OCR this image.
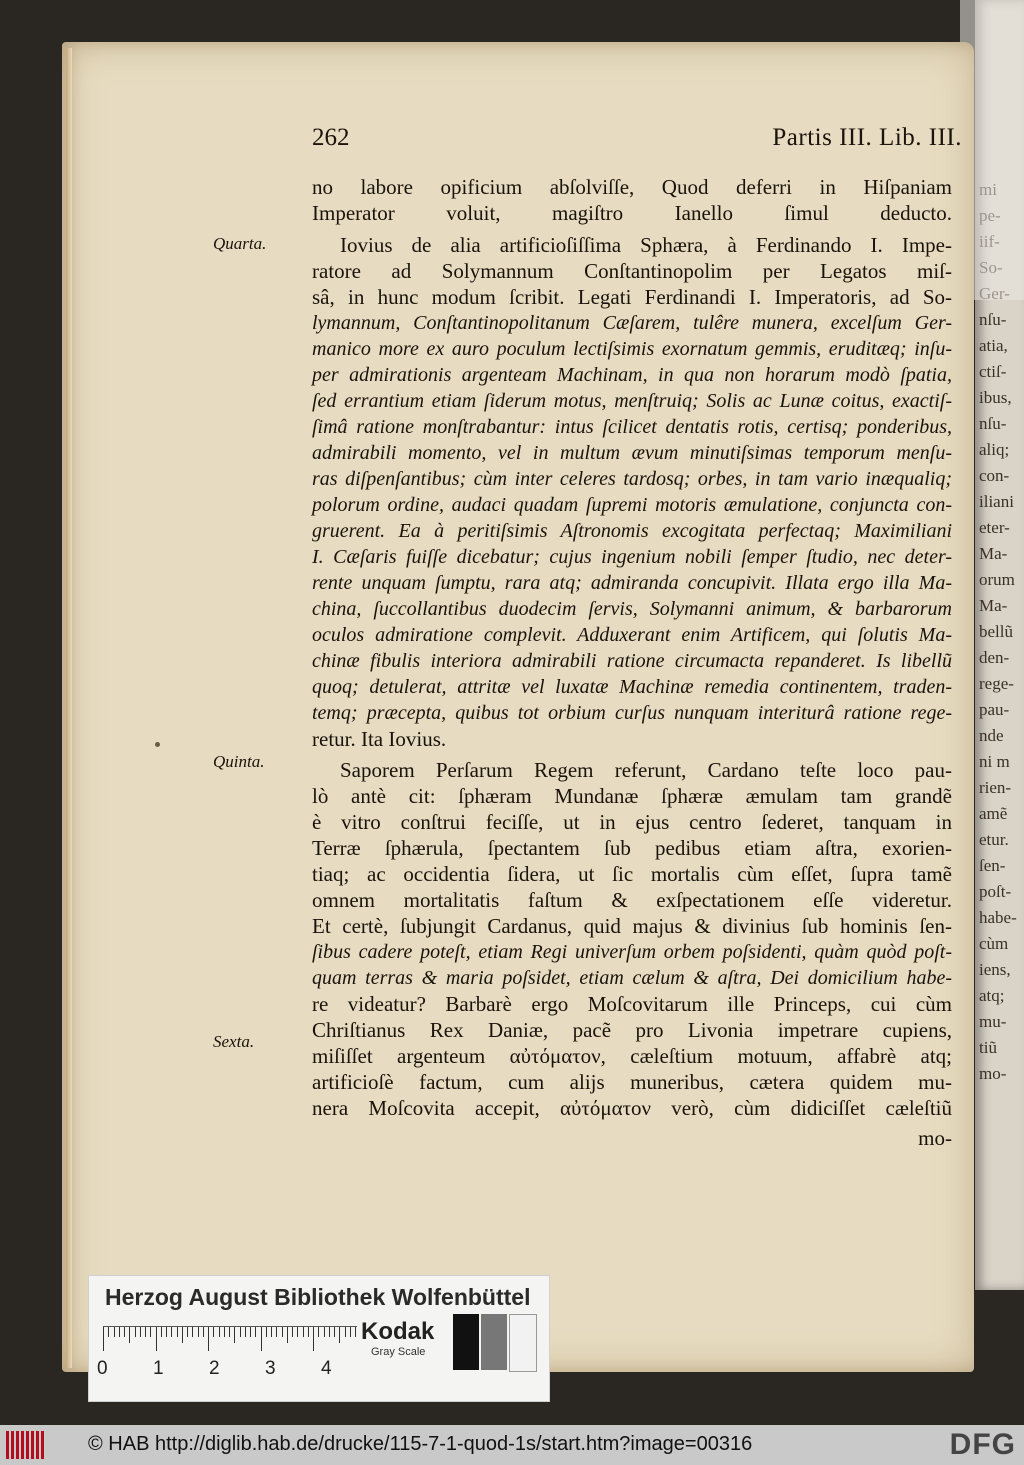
nſu-
atia,
ctiſ-
ibus,
nſu-
aliq;
con-
iliani
eter-
Ma-
orum
Ma-
bellũ
den-
rege-
pau-
nde
ni m
rien-
amẽ
etur.
ſen-
poſt-
habe-
cùm
iens,
atq;
mu-
tiũ
mo-
262	Partis III. Lib. III.
no labore opificium abſolviſſe, Quod deferri in Hiſpaniam
Imperator voluit, magiſtro Ianello ſimul deducto.
Iovius de alia artificioſiſſima Sphæra, à Ferdinando I. Impe-
ratore ad Solymannum Conſtantinopolim per Legatos miſ-
sâ, in hunc modum ſcribit. Legati Ferdinandi I. Imperatoris, ad So-
lymannum, Conſtantinopolitanum Cæſarem, tulêre munera, excelſum Ger-
manico more ex auro poculum lectiſsimis exornatum gemmis, eruditæq; inſu-
per admirationis argenteam Machinam, in qua non horarum modò ſpatia,
ſed errantium etiam ſiderum motus, menſtruiq; Solis ac Lunæ coitus, exactiſ-
ſimâ ratione monſtrabantur: intus ſcilicet dentatis rotis, certisq; ponderibus,
admirabili momento, vel in multum ævum minutiſsimas temporum menſu-
ras diſpenſantibus; cùm inter celeres tardosq; orbes, in tam vario inæqualiq;
polorum ordine, audaci quadam ſupremi motoris æmulatione, conjuncta con-
gruerent. Ea à peritiſsimis Aſtronomis excogitata perfectaq; Maximiliani
I. Cæſaris fuiſſe dicebatur; cujus ingenium nobili ſemper ſtudio, nec deter-
rente unquam ſumptu, rara atq; admiranda concupivit. Illata ergo illa Ma-
china, ſuccollantibus duodecim ſervis, Solymanni animum, & barbarorum
oculos admiratione complevit. Adduxerant enim Artificem, qui ſolutis Ma-
chinæ fibulis interiora admirabili ratione circumacta repanderet. Is libellũ
quoq; detulerat, attritæ vel luxatæ Machinæ remedia continentem, traden-
temq; præcepta, quibus tot orbium curſus nunquam interiturâ ratione rege-
retur. Ita Iovius.
Saporem Perſarum Regem referunt, Cardano teſte loco pau-
lò antè cit: ſphæram Mundanæ ſphæræ æmulam tam grandẽ
è vitro conſtrui feciſſe, ut in ejus centro ſederet, tanquam in
Terræ ſphærula, ſpectantem ſub pedibus etiam aſtra, exorien-
tiaq; ac occidentia ſidera, ut ſic mortalis cùm eſſet, ſupra tamẽ
omnem mortalitatis faſtum & exſpectationem eſſe videretur.
Et certè, ſubjungit Cardanus, quid majus & divinius ſub hominis ſen-
ſibus cadere poteſt, etiam Regi univerſum orbem poſsidenti, quàm quòd poſt-
quam terras & maria poſsidet, etiam cælum & aſtra, Dei domicilium habe-
re videatur? Barbarè ergo Moſcovitarum ille Princeps, cui cùm
Chriſtianus Rex Daniæ, pacẽ pro Livonia impetrare cupiens,
miſiſſet argenteum αὐτόματον, cæleſtium motuum, affabrè atq;
artificioſè factum, cum alijs muneribus, cætera quidem mu-
nera Moſcovita accepit, αὐτόματον verò, cùm didiciſſet cæleſtiũ
mo-
Quarta.
Quinta.
Sexta.
Herzog August Bibliothek Wolfenbüttel
0 1 2 3 4
Kodak
Gray Scale
© HAB http://diglib.hab.de/drucke/115-7-1-quod-1s/start.htm?image=00316	DFG
